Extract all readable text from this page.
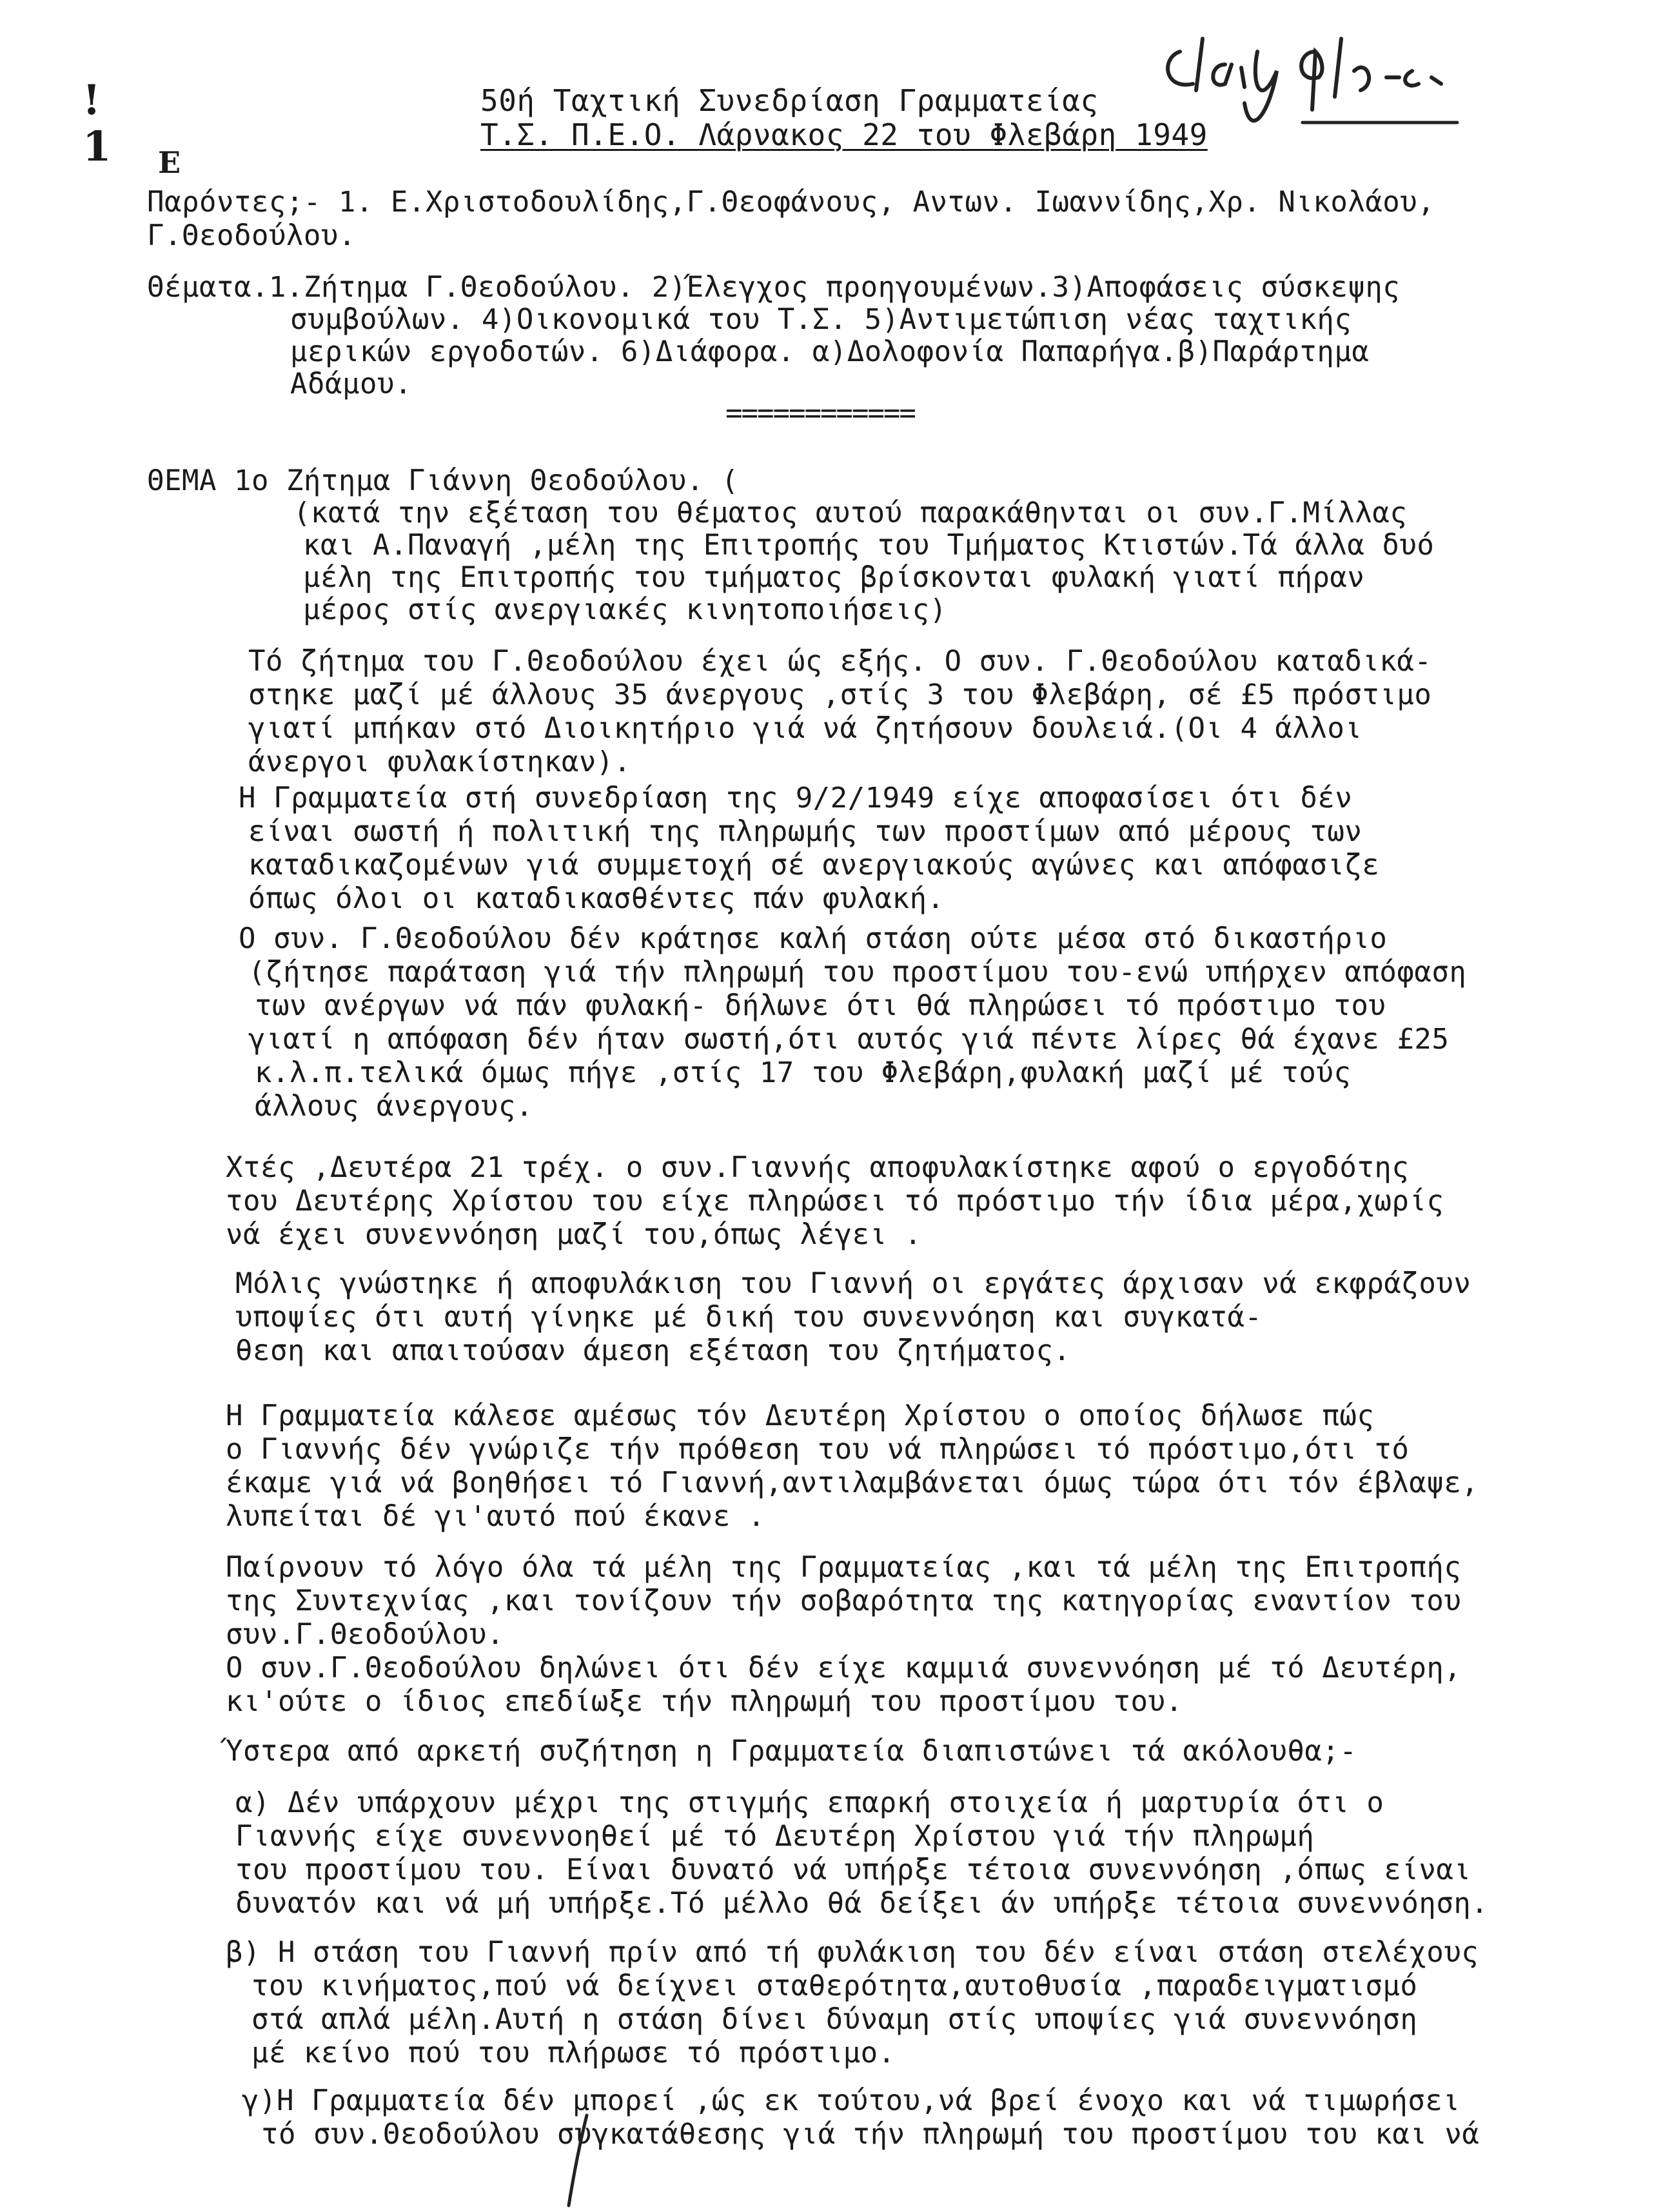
!
1 E
50ή Ταχτική Συνεδρίαση Γραμματείας
Τ.Σ. Π.Ε.Ο. Λάρνακος 22 του Φλεβάρη 1949
Παρόντες;- 1. Ε.Χριστοδουλίδης,Γ.Θεοφάνους, Αντων. Ιωαννίδης,Χρ. Νικολάου,
Γ.Θεοδούλου.
Θέματα.1.Ζήτημα Γ.Θεοδούλου. 2)Έλεγχος προηγουμένων.3)Αποφάσεις σύσκεψης
συμβούλων. 4)Οικονομικά του Τ.Σ. 5)Αντιμετώπιση νέας ταχτικής
μερικών εργοδοτών. 6)Διάφορα. α)Δολοφονία Παπαρήγα.β)Παράρτημα
Αδάμου.
============
ΘΕΜΑ 1ο Ζήτημα Γιάννη Θεοδούλου. (
(κατά την εξέταση του θέματος αυτού παρακάθηνται οι συν.Γ.Μίλλας
και Α.Παναγή ,μέλη της Επιτροπής του Τμήματος Κτιστών.Τά άλλα δυό
μέλη της Επιτροπής του τμήματος βρίσκονται φυλακή γιατί πήραν
μέρος στίς ανεργιακές κινητοποιήσεις)
Τό ζήτημα του Γ.Θεοδούλου έχει ώς εξής. Ο συν. Γ.Θεοδούλου καταδικά-
στηκε μαζί μέ άλλους 35 άνεργους ,στίς 3 του Φλεβάρη, σέ £5 πρόστιμο
γιατί μπήκαν στό Διοικητήριο γιά νά ζητήσουν δουλειά.(Οι 4 άλλοι
άνεργοι φυλακίστηκαν).
Η Γραμματεία στή συνεδρίαση της 9/2/1949 είχε αποφασίσει ότι δέν
είναι σωστή ή πολιτική της πληρωμής των προστίμων από μέρους των
καταδικαζομένων γιά συμμετοχή σέ ανεργιακούς αγώνες και απόφασιζε
όπως όλοι οι καταδικασθέντες πάν φυλακή.
Ο συν. Γ.Θεοδούλου δέν κράτησε καλή στάση ούτε μέσα στό δικαστήριο
(ζήτησε παράταση γιά τήν πληρωμή του προστίμου του-ενώ υπήρχεν απόφαση
των ανέργων νά πάν φυλακή- δήλωνε ότι θά πληρώσει τό πρόστιμο του
γιατί η απόφαση δέν ήταν σωστή,ότι αυτός γιά πέντε λίρες θά έχανε £25
κ.λ.π.τελικά όμως πήγε ,στίς 17 του Φλεβάρη,φυλακή μαζί μέ τούς
άλλους άνεργους.
Χτές ,Δευτέρα 21 τρέχ. ο συν.Γιαννής αποφυλακίστηκε αφού ο εργοδότης
του Δευτέρης Χρίστου του είχε πληρώσει τό πρόστιμο τήν ίδια μέρα,χωρίς
νά έχει συνεννόηση μαζί του,όπως λέγει .
Μόλις γνώστηκε ή αποφυλάκιση του Γιαννή οι εργάτες άρχισαν νά εκφράζουν
υποψίες ότι αυτή γίνηκε μέ δική του συνεννόηση και συγκατά-
θεση και απαιτούσαν άμεση εξέταση του ζητήματος.
Η Γραμματεία κάλεσε αμέσως τόν Δευτέρη Χρίστου ο οποίος δήλωσε πώς
ο Γιαννής δέν γνώριζε τήν πρόθεση του νά πληρώσει τό πρόστιμο,ότι τό
έκαμε γιά νά βοηθήσει τό Γιαννή,αντιλαμβάνεται όμως τώρα ότι τόν έβλαψε,
λυπείται δέ γι'αυτό πού έκανε .
Παίρνουν τό λόγο όλα τά μέλη της Γραμματείας ,και τά μέλη της Επιτροπής
της Συντεχνίας ,και τονίζουν τήν σοβαρότητα της κατηγορίας εναντίον του
συν.Γ.Θεοδούλου.
Ο συν.Γ.Θεοδούλου δηλώνει ότι δέν είχε καμμιά συνεννόηση μέ τό Δευτέρη,
κι'ούτε ο ίδιος επεδίωξε τήν πληρωμή του προστίμου του.
Ύστερα από αρκετή συζήτηση η Γραμματεία διαπιστώνει τά ακόλουθα;-
α) Δέν υπάρχουν μέχρι της στιγμής επαρκή στοιχεία ή μαρτυρία ότι ο
Γιαννής είχε συνεννοηθεί μέ τό Δευτέρη Χρίστου γιά τήν πληρωμή
του προστίμου του. Είναι δυνατό νά υπήρξε τέτοια συνεννόηση ,όπως είναι
δυνατόν και νά μή υπήρξε.Τό μέλλο θά δείξει άν υπήρξε τέτοια συνεννόηση.
β) Η στάση του Γιαννή πρίν από τή φυλάκιση του δέν είναι στάση στελέχους
του κινήματος,πού νά δείχνει σταθερότητα,αυτοθυσία ,παραδειγματισμό
στά απλά μέλη.Αυτή η στάση δίνει δύναμη στίς υποψίες γιά συνεννόηση
μέ κείνο πού του πλήρωσε τό πρόστιμο.
γ)Η Γραμματεία δέν μπορεί ,ώς εκ τούτου,νά βρεί ένοχο και νά τιμωρήσει
τό συν.Θεοδούλου συγκατάθεσης γιά τήν πληρωμή του προστίμου του και νά
